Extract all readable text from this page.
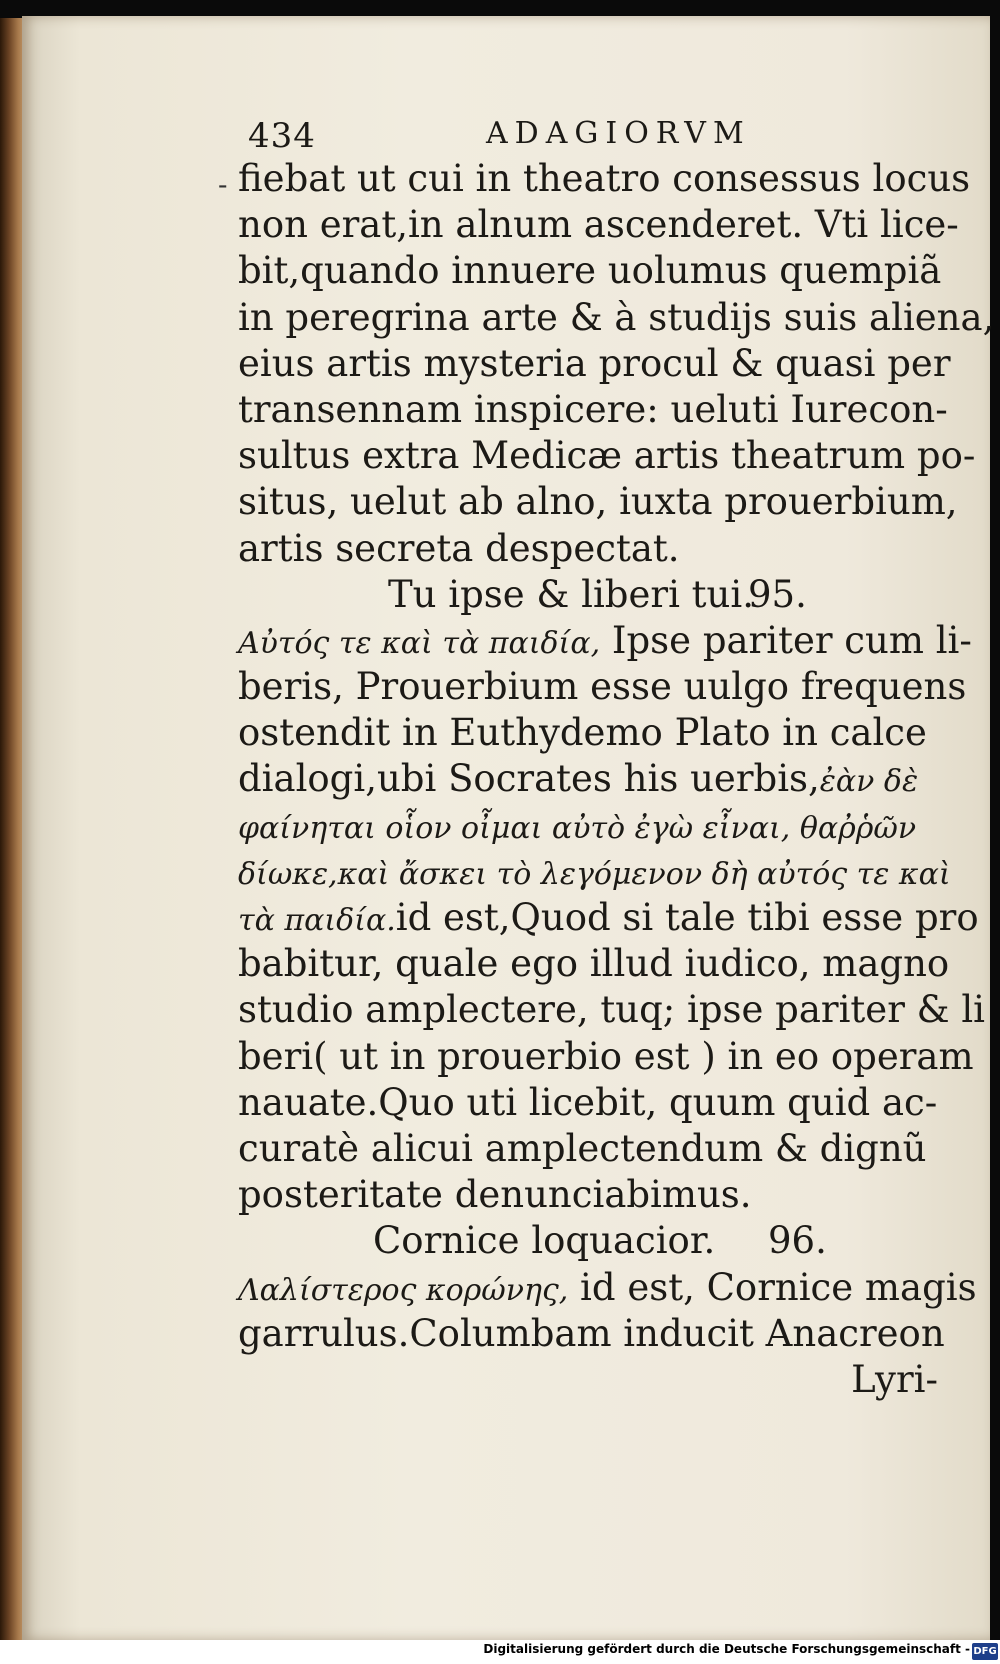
-
434	ADAGIORVM
fiebat ut cui in theatro consessus locus
non erat,in alnum ascenderet. Vti lice-
bit,quando innuere uolumus quempiã
in peregrina arte & à studijs suis aliena,
eius artis mysteria procul & quasi per
transennam inspicere: ueluti Iurecon-
sultus extra Medicæ artis theatrum po-
situs, uelut ab alno, iuxta prouerbium,
artis secreta despectat.
Tu ipse & liberi tui.
95.
Αὐτός τε καὶ τὰ παιδία, Ipse pariter cum li-
beris, Prouerbium esse uulgo frequens
ostendit in Euthydemo Plato in calce
dialogi,ubi Socrates his uerbis,ἐὰν δὲ
φαίνηται οἷον οἶμαι αὐτὸ ἐγὼ εἶναι, θαῤῥῶν
δίωκε,καὶ ἄσκει τὸ λεγόμενον δὴ αὐτός τε καὶ
τὰ παιδία.id est,Quod si tale tibi esse pro
babitur, quale ego illud iudico, magno
studio amplectere, tuq; ipse pariter & li
beri( ut in prouerbio est ) in eo operam
nauate.Quo uti licebit, quum quid ac-
curatè alicui amplectendum & dignũ
posteritate denunciabimus.
Cornice loquacior. 96.
Λαλίστερος κορώνης, id est, Cornice magis
garrulus.Columbam inducit Anacreon
Lyri-
Digitalisierung gefördert durch die Deutsche Forschungsgemeinschaft - DFG
